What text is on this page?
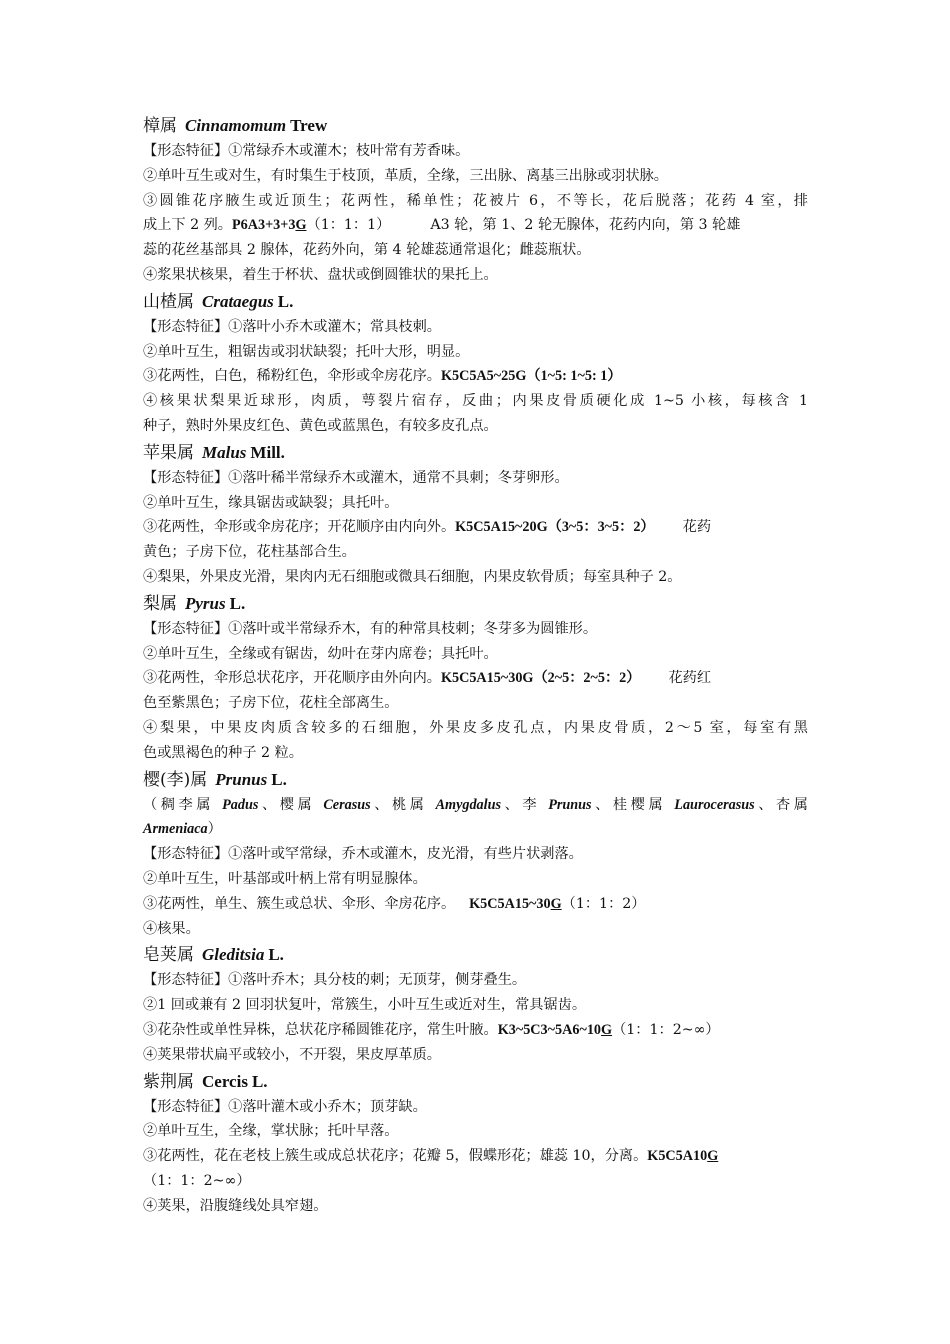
樟属 Cinnamomum Trew
【形态特征】①常绿乔木或灌木；枝叶常有芳香味。
②单叶互生或对生，有时集生于枝顶，革质，全缘，三出脉、离基三出脉或羽状脉。
③圆锥花序腋生或近顶生；花两性，稀单性；花被片 6，不等长，花后脱落；花药 4 室，排
成上下 2 列。P6A3+3+3G（1：1：1）	A3 轮，第 1、2 轮无腺体，花药内向，第 3 轮雄
蕊的花丝基部具 2 腺体，花药外向，第 4 轮雄蕊通常退化；雌蕊瓶状。
④浆果状核果，着生于杯状、盘状或倒圆锥状的果托上。
山楂属 Crataegus L.
【形态特征】①落叶小乔木或灌木；常具枝刺。
②单叶互生，粗锯齿或羽状缺裂；托叶大形，明显。
③花两性，白色，稀粉红色，伞形或伞房花序。K5C5A5~25G（1~5: 1~5: 1）
④核果状梨果近球形，肉质，萼裂片宿存，反曲；内果皮骨质硬化成 1~5 小核，每核含 1
种子，熟时外果皮红色、黄色或蓝黑色，有较多皮孔点。
苹果属 Malus Mill.
【形态特征】①落叶稀半常绿乔木或灌木，通常不具刺；冬芽卵形。
②单叶互生，缘具锯齿或缺裂；具托叶。
③花两性，伞形或伞房花序；开花顺序由内向外。K5C5A15~20G（3~5：3~5：2） 花药
黄色；子房下位，花柱基部合生。
④梨果，外果皮光滑，果肉内无石细胞或微具石细胞，内果皮软骨质；每室具种子 2。
梨属 Pyrus L.
【形态特征】①落叶或半常绿乔木，有的种常具枝刺；冬芽多为圆锥形。
②单叶互生，全缘或有锯齿，幼叶在芽内席卷；具托叶。
③花两性，伞形总状花序，开花顺序由外向内。K5C5A15~30G（2~5：2~5：2） 花药红
色至紫黑色；子房下位，花柱全部离生。
④梨果，中果皮肉质含较多的石细胞，外果皮多皮孔点，内果皮骨质，2～5 室，每室有黑
色或黑褐色的种子 2 粒。
樱(李)属 Prunus L.
（稠李属 Padus、樱属 Cerasus、桃属 Amygdalus、李 Prunus、桂樱属 Laurocerasus、杏属
Armeniaca）
【形态特征】①落叶或罕常绿，乔木或灌木，皮光滑，有些片状剥落。
②单叶互生，叶基部或叶柄上常有明显腺体。
③花两性，单生、簇生或总状、伞形、伞房花序。 K5C5A15~30G（1：1：2）
④核果。
皂荚属 Gleditsia L.
【形态特征】①落叶乔木；具分枝的刺；无顶芽，侧芽叠生。
②1 回或兼有 2 回羽状复叶，常簇生，小叶互生或近对生，常具锯齿。
③花杂性或单性异株，总状花序稀圆锥花序，常生叶腋。K3~5C3~5A6~10G（1：1：2~∞）
④荚果带状扁平或较小，不开裂，果皮厚革质。
紫荆属 Cercis L.
【形态特征】①落叶灌木或小乔木；顶芽缺。
②单叶互生，全缘，掌状脉；托叶早落。
③花两性，花在老枝上簇生或成总状花序；花瓣 5，假蝶形花；雄蕊 10，分离。K5C5A10G
（1：1：2~∞）
④荚果，沿腹缝线处具窄翅。
